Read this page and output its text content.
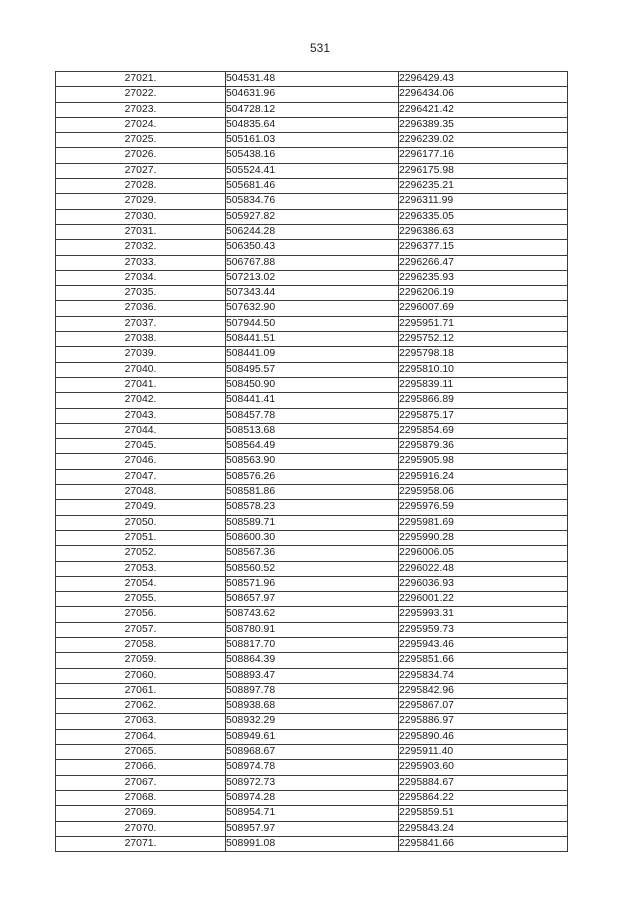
531
27021.	504531.48	2296429.43
27022.	504631.96	2296434.06
27023.	504728.12	2296421.42
27024.	504835.64	2296389.35
27025.	505161.03	2296239.02
27026.	505438.16	2296177.16
27027.	505524.41	2296175.98
27028.	505681.46	2296235.21
27029.	505834.76	2296311.99
27030.	505927.82	2296335.05
27031.	506244.28	2296386.63
27032.	506350.43	2296377.15
27033.	506767.88	2296266.47
27034.	507213.02	2296235.93
27035.	507343.44	2296206.19
27036.	507632.90	2296007.69
27037.	507944.50	2295951.71
27038.	508441.51	2295752.12
27039.	508441.09	2295798.18
27040.	508495.57	2295810.10
27041.	508450.90	2295839.11
27042.	508441.41	2295866.89
27043.	508457.78	2295875.17
27044.	508513.68	2295854.69
27045.	508564.49	2295879.36
27046.	508563.90	2295905.98
27047.	508576.26	2295916.24
27048.	508581.86	2295958.06
27049.	508578.23	2295976.59
27050.	508589.71	2295981.69
27051.	508600.30	2295990.28
27052.	508567.36	2296006.05
27053.	508560.52	2296022.48
27054.	508571.96	2296036.93
27055.	508657.97	2296001.22
27056.	508743.62	2295993.31
27057.	508780.91	2295959.73
27058.	508817.70	2295943.46
27059.	508864.39	2295851.66
27060.	508893.47	2295834.74
27061.	508897.78	2295842.96
27062.	508938.68	2295867.07
27063.	508932.29	2295886.97
27064.	508949.61	2295890.46
27065.	508968.67	2295911.40
27066.	508974.78	2295903.60
27067.	508972.73	2295884.67
27068.	508974.28	2295864.22
27069.	508954.71	2295859.51
27070.	508957.97	2295843.24
27071.	508991.08	2295841.66
